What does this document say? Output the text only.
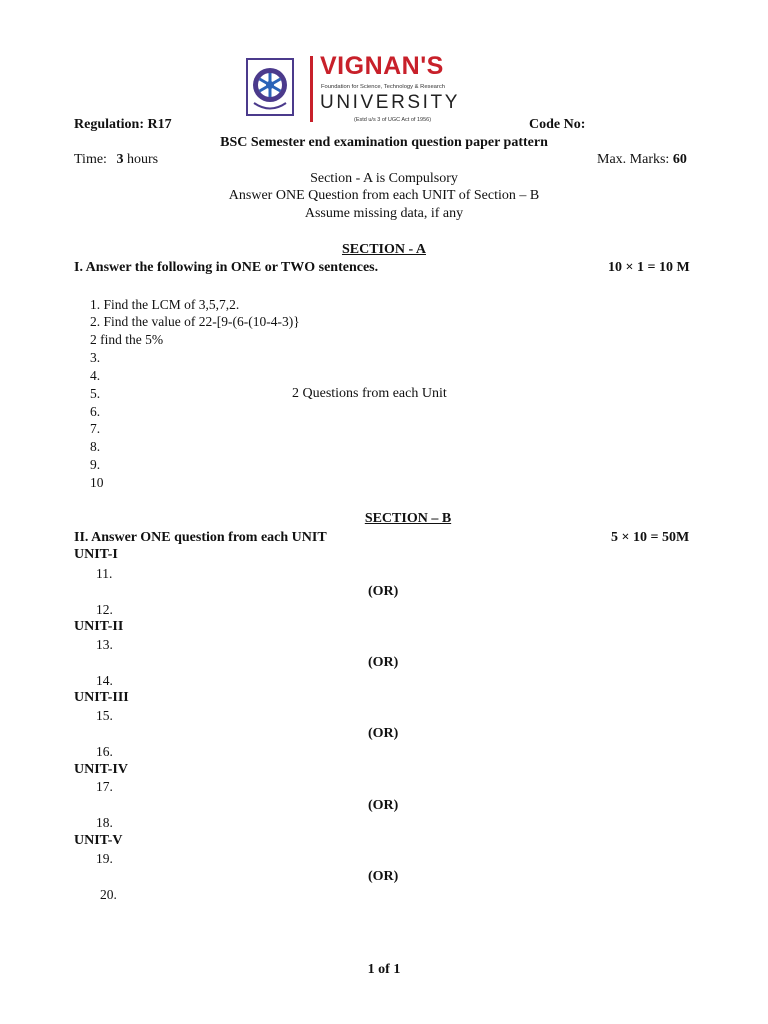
VIGNAN'S
Foundation for Science, Technology & Research
UNIVERSITY
(Estd u/s 3 of UGC Act of 1956)
Regulation: R17	Code No:
BSC Semester end examination question paper pattern
Time: 3 hours	Max. Marks: 60
Section - A is Compulsory
Answer ONE Question from each UNIT of Section – B
Assume missing data, if any
SECTION - A
I. Answer the following in ONE or TWO sentences.	10 × 1 = 10 M
1. Find the LCM of 3,5,7,2.
2. Find the value of 22-[9-(6-(10-4-3)}
2 find the 5%
3.
4.
5.
6.
7.
8.
9.
10
2 Questions from each Unit
SECTION – B
II. Answer ONE question from each UNIT	5 × 10 = 50M
UNIT-I
11.
(OR)
12.
UNIT-II
13.
(OR)
14.
UNIT-III
15.
(OR)
16.
UNIT-IV
17.
(OR)
18.
UNIT-V
19.
(OR)
20.
1 of 1
